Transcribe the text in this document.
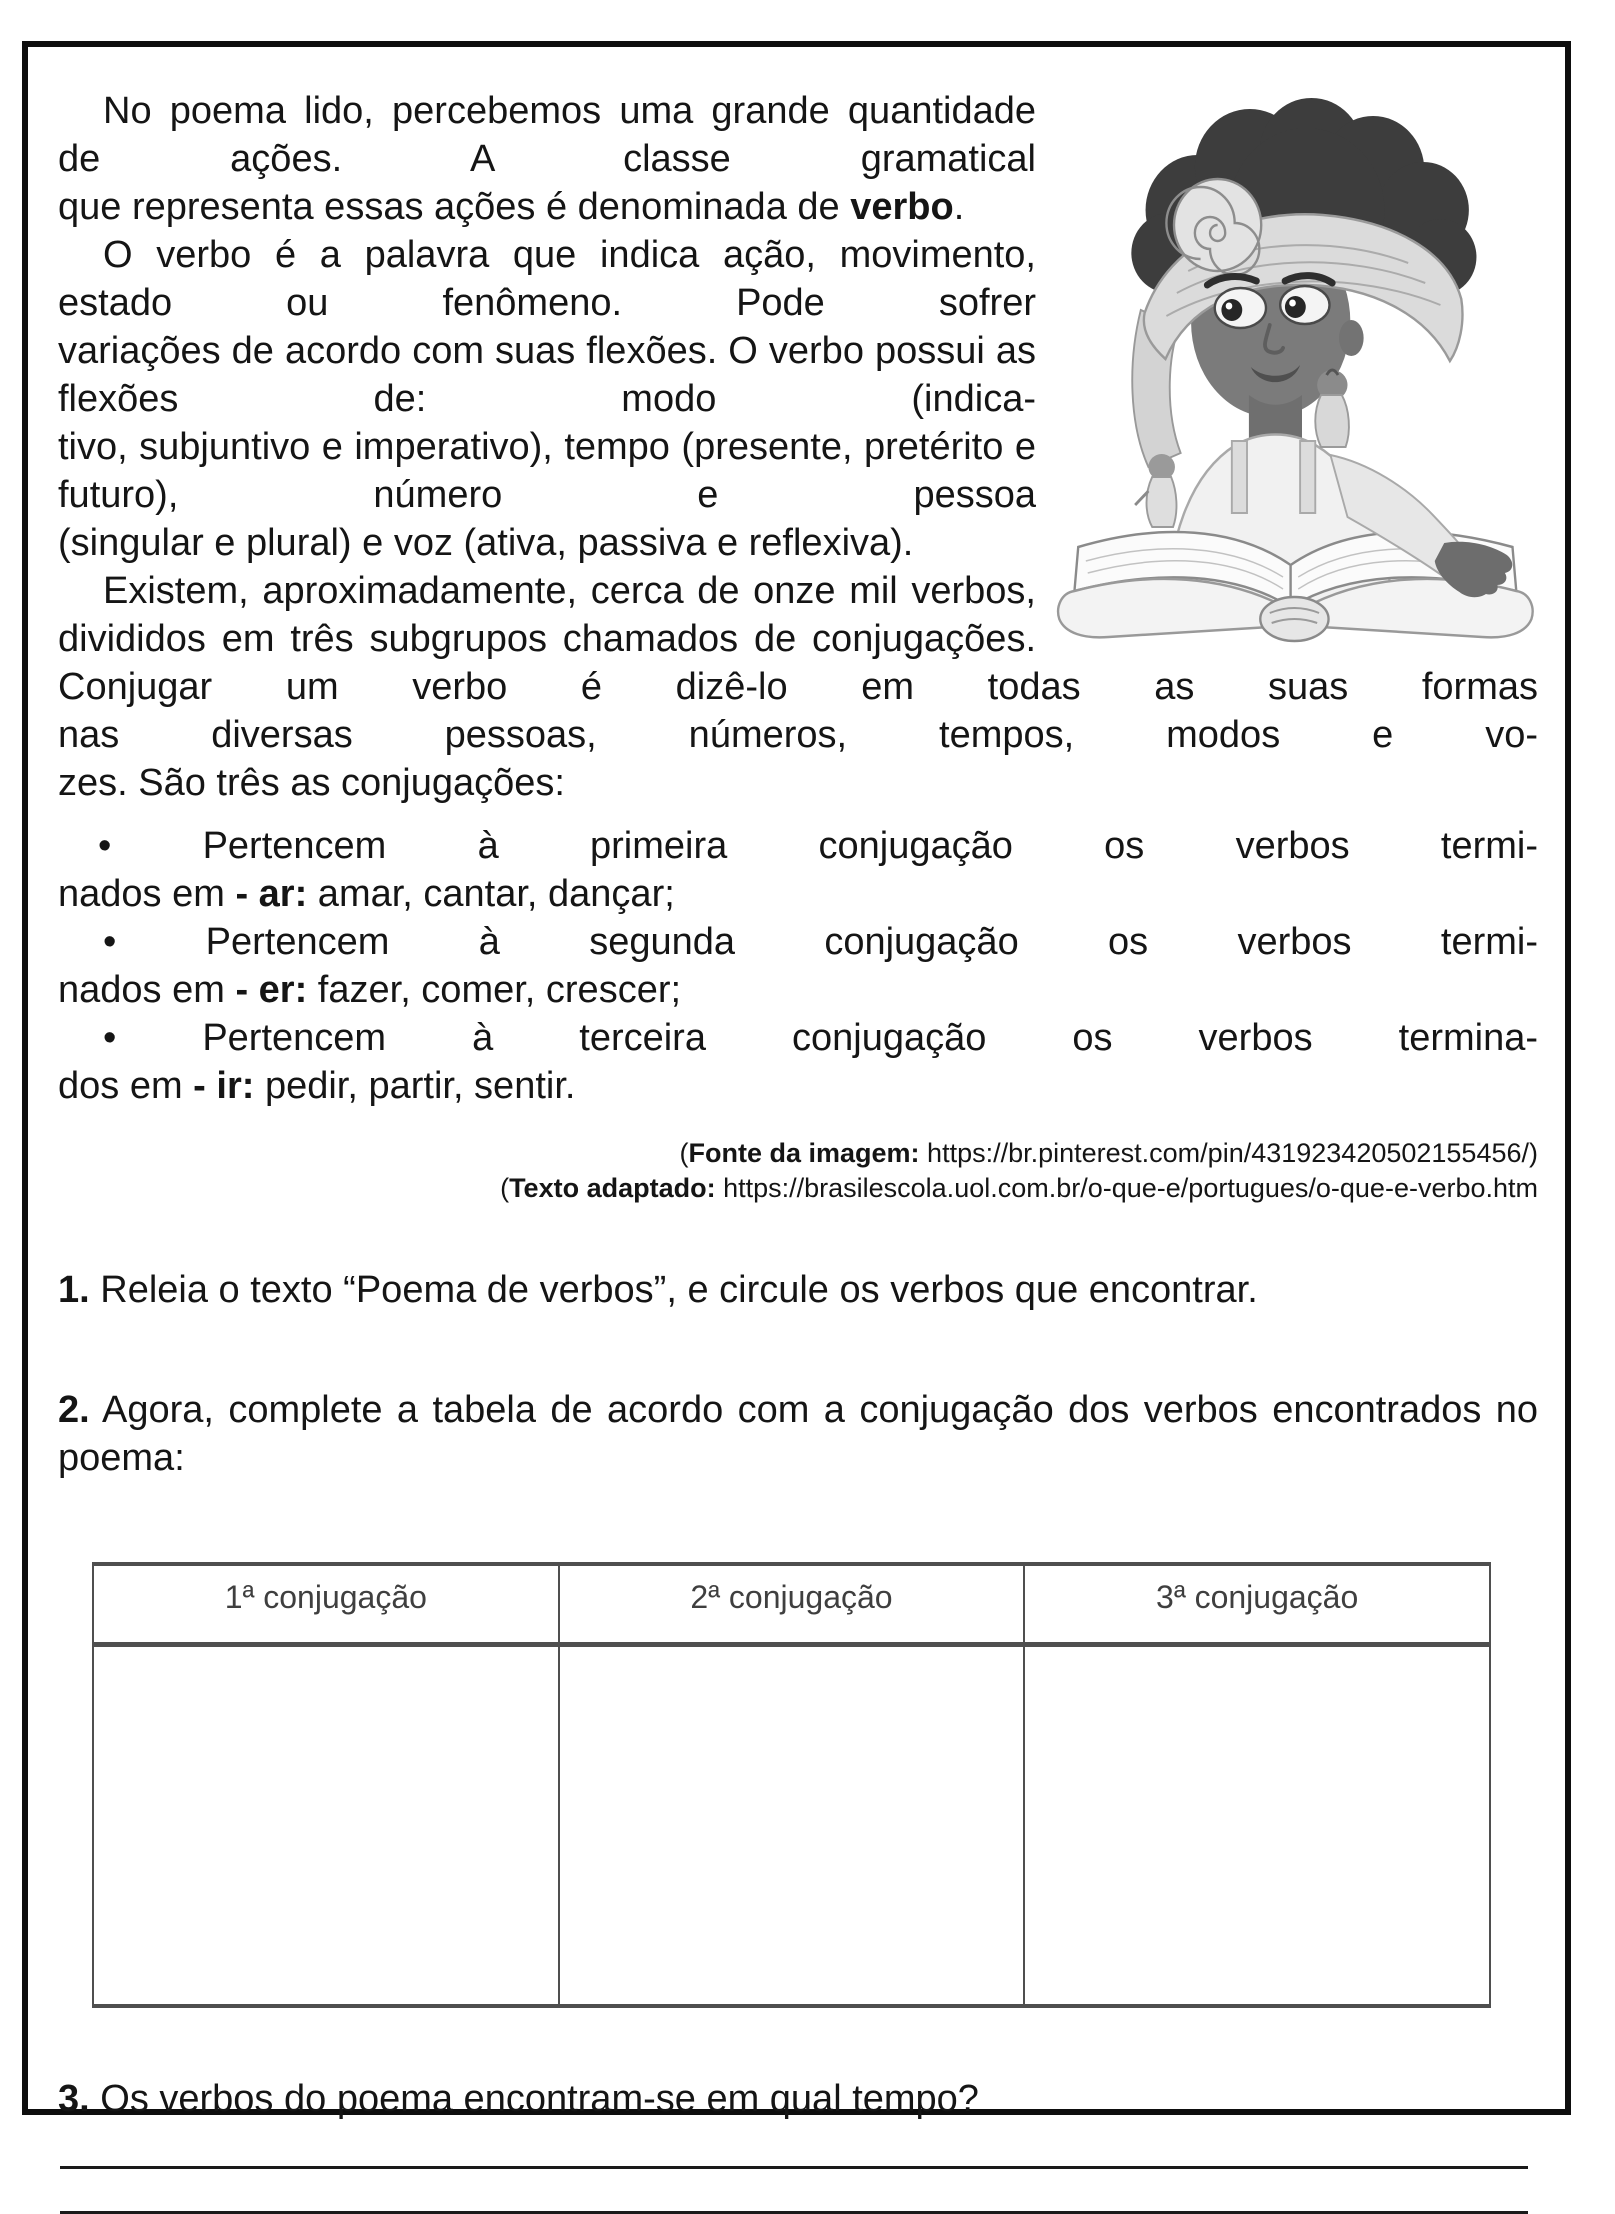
No poema lido, percebemos uma grande quantidade de ações. A classe gramatical
que representa essas ações é denominada de verbo.
O verbo é a palavra que indica ação, movimento, estado ou fenômeno. Pode sofrer
variações de acordo com suas flexões. O verbo possui as flexões de: modo (indica-
tivo, subjuntivo e imperativo), tempo (presente, pretérito e futuro), número e pessoa
(singular e plural) e voz (ativa, passiva e reflexiva).
Existem, aproximadamente, cerca de onze mil verbos,
divididos em três subgrupos chamados de conjugações.
Conjugar um verbo é dizê-lo em todas as suas formas
nas diversas pessoas, números, tempos, modos e vo-
zes. São três as conjugações:
• Pertencem à primeira conjugação os verbos termi-
nados em - ar: amar, cantar, dançar;
• Pertencem à segunda conjugação os verbos termi-
nados em - er: fazer, comer, crescer;
• Pertencem à terceira conjugação os verbos termina-
dos em - ir: pedir, partir, sentir.
(Fonte da imagem: https://br.pinterest.com/pin/431923420502155456/)
(Texto adaptado: https://brasilescola.uol.com.br/o-que-e/portugues/o-que-e-verbo.htm
1. Releia o texto “Poema de verbos”, e circule os verbos que encontrar.
2. Agora, complete a tabela de acordo com a conjugação dos verbos encontrados no
poema:
1ª conjugação	2ª conjugação	3ª conjugação

3. Os verbos do poema encontram-se em qual tempo?
